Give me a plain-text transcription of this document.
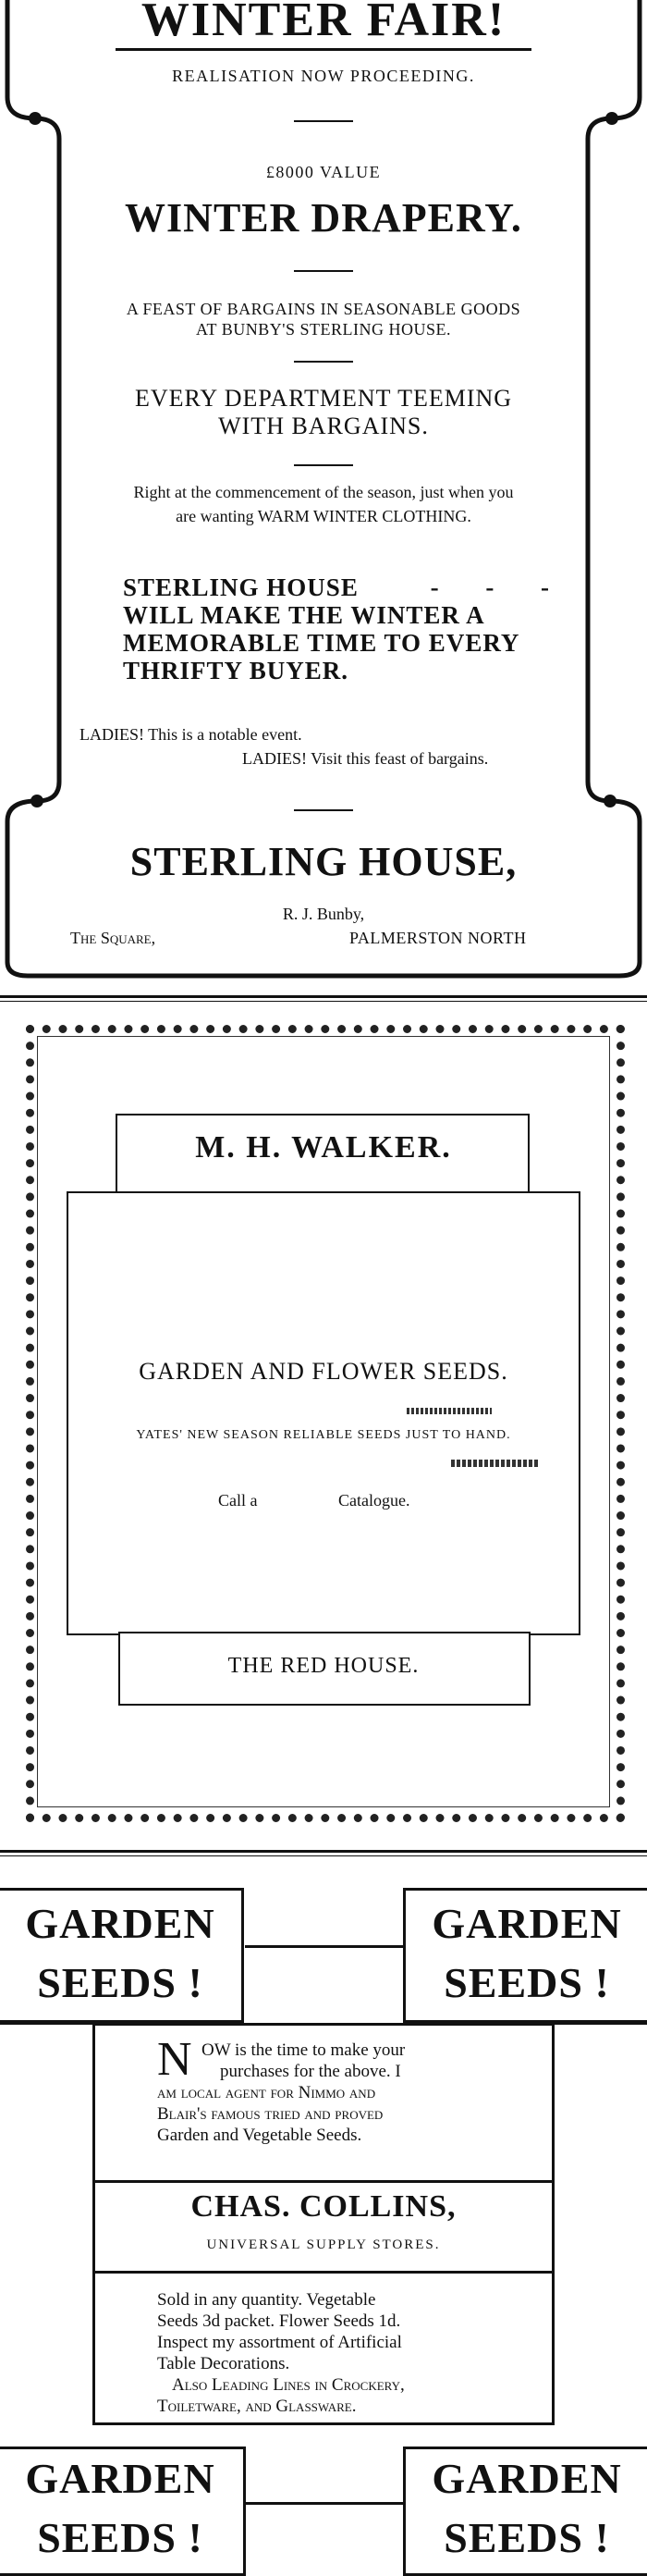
WINTER FAIR!
REALISATION NOW PROCEEDING.
£8000 VALUE
WINTER DRAPERY.
A FEAST OF BARGAINS IN SEASONABLE GOODS
AT BUNBY'S STERLING HOUSE.
EVERY DEPARTMENT TEEMING
WITH BARGAINS.
Right at the commencement of the season, just when you
are wanting WARM WINTER CLOTHING.
STERLING HOUSE	- - -
WILL MAKE THE WINTER A
MEMORABLE TIME TO EVERY
THRIFTY BUYER.
LADIES! This is a notable event.
LADIES! Visit this feast of bargains.
STERLING HOUSE,
R. J. Bunby,
The Square,	PALMERSTON NORTH
M. H. WALKER.
GARDEN AND FLOWER SEEDS.
YATES' NEW SEASON RELIABLE SEEDS JUST TO HAND.
Call a	Catalogue.
THE RED HOUSE.
GARDEN
SEEDS !
GARDEN
SEEDS !
N OW is the time to make your
purchases for the above. I
am local agent for Nimmo and
Blair's famous tried and proved
Garden and Vegetable Seeds.
CHAS. COLLINS,
UNIVERSAL SUPPLY STORES.
Sold in any quantity. Vegetable
Seeds 3d packet. Flower Seeds 1d.
Inspect my assortment of Artificial
Table Decorations.
Also Leading Lines in Crockery,
Toiletware, and Glassware.
GARDEN
SEEDS !
GARDEN
SEEDS !
